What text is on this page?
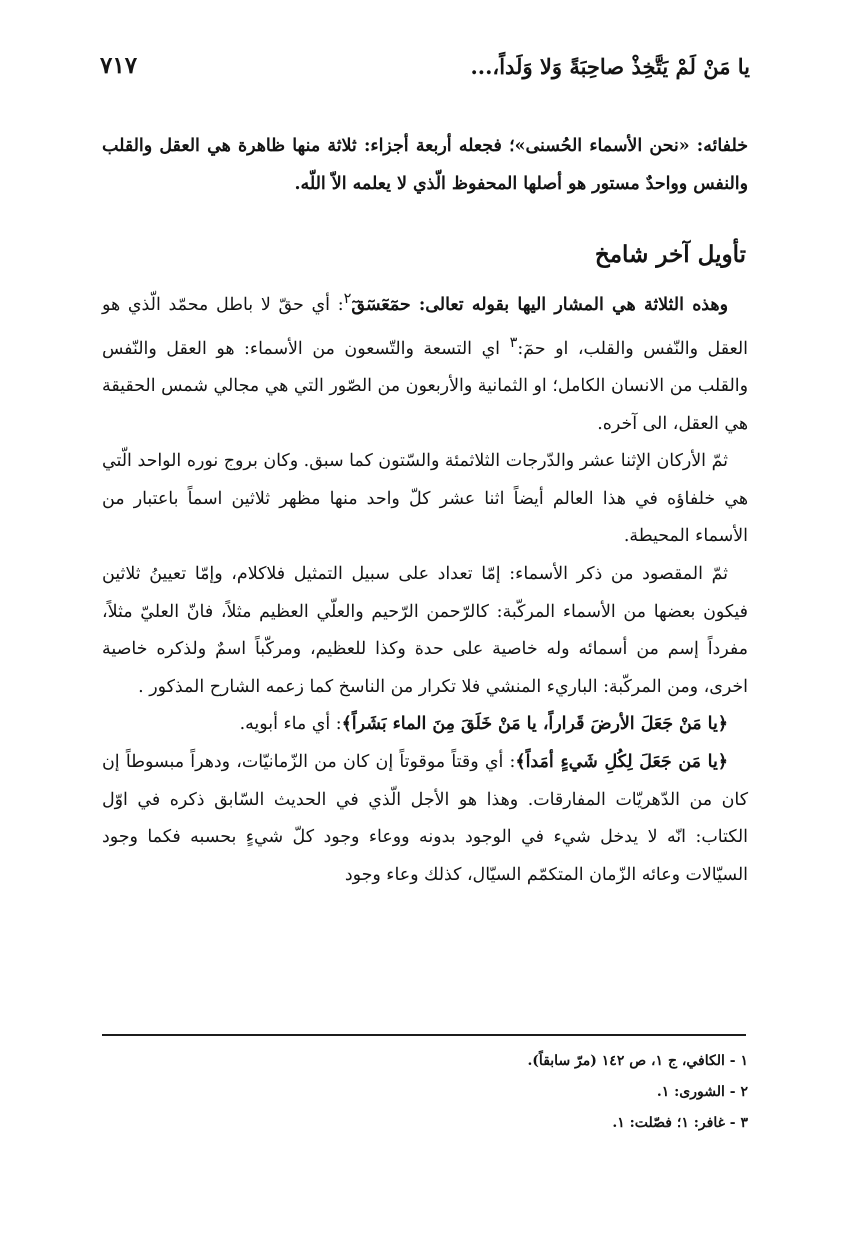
يا مَنْ لَمْ يَتَّخِذْ صاحِبَةً وَلا وَلَداً،...
٧١٧

خلفائه: «نحن الأسماء الحُسنى»؛ فجعله أربعة أجزاء: ثلاثة منها ظاهرة هي العقل والقلب والنفس وواحدٌ مستور هو أصلها المحفوظ الّذي لا يعلمه الاّ اللّه.

تأويل آخر شامخ

وهذه الثلاثة هي المشار اليها بقوله تعالى: حمٓعٓسٓقٓ$^٢$: أي حقّ لا باطل محمّد الّذي هو العقل والنّفس والقلب، او حمٓ:$^٣$ اي التسعة والتّسعون من الأسماء: هو العقل والنّفس والقلب من الانسان الكامل؛ او الثمانية والأربعون من الصّور التي هي مجالي شمس الحقيقة هي العقل، الى آخره.

ثمّ الأركان الإثنا عشر والدّرجات الثلاثمئة والسّتون كما سبق. وكان بروج نوره الواحد الّتي هي خلفاؤه في هذا العالم أيضاً اثنا عشر كلّ واحد منها مظهر ثلاثين اسماً باعتبار من الأسماء المحيطة.

ثمّ المقصود من ذكر الأسماء: إمّا تعداد على سبيل التمثيل فلاكلام، وإمّا تعيينُ ثلاثين فيكون بعضها من الأسماء المركّبة: كالرّحمن الرّحيم والعلّي العظيم مثلاً، فانّ العليّ مثلاً، مفرداً إسم من أسمائه وله خاصية على حدة وكذا للعظيم، ومركّباً اسمٌ ولذكره خاصية اخرى، ومن المركّبة: الباريء المنشي فلا تكرار من الناسخ كما زعمه الشارح المذكور .

﴿يا مَنْ جَعَلَ الأرضَ قَراراً، يا مَنْ خَلَقَ مِنَ الماء بَشَراً﴾: أي ماء أبويه.

﴿يا مَن جَعَلَ لِكُلِ شَيءٍ أمَداً﴾: أي وقتاً موقوتاً إن كان من الزّمانيّات، ودهراً مبسوطاً إن كان من الدّهريّات المفارقات. وهذا هو الأجل الّذي في الحديث السّابق ذكره في اوّل الكتاب: انّه لا يدخل شيء في الوجود بدونه ووعاء وجود كلّ شيءٍ بحسبه فكما وجود السيّالات وعائه الزّمان المتكمّم السيّال، كذلك وعاء وجود

١ - الكافي، ج ١، ص ١٤٢ (مرّ سابقاً).
٢ - الشورى: ١.
٣ - غافر: ١؛ فصّلت: ١.
